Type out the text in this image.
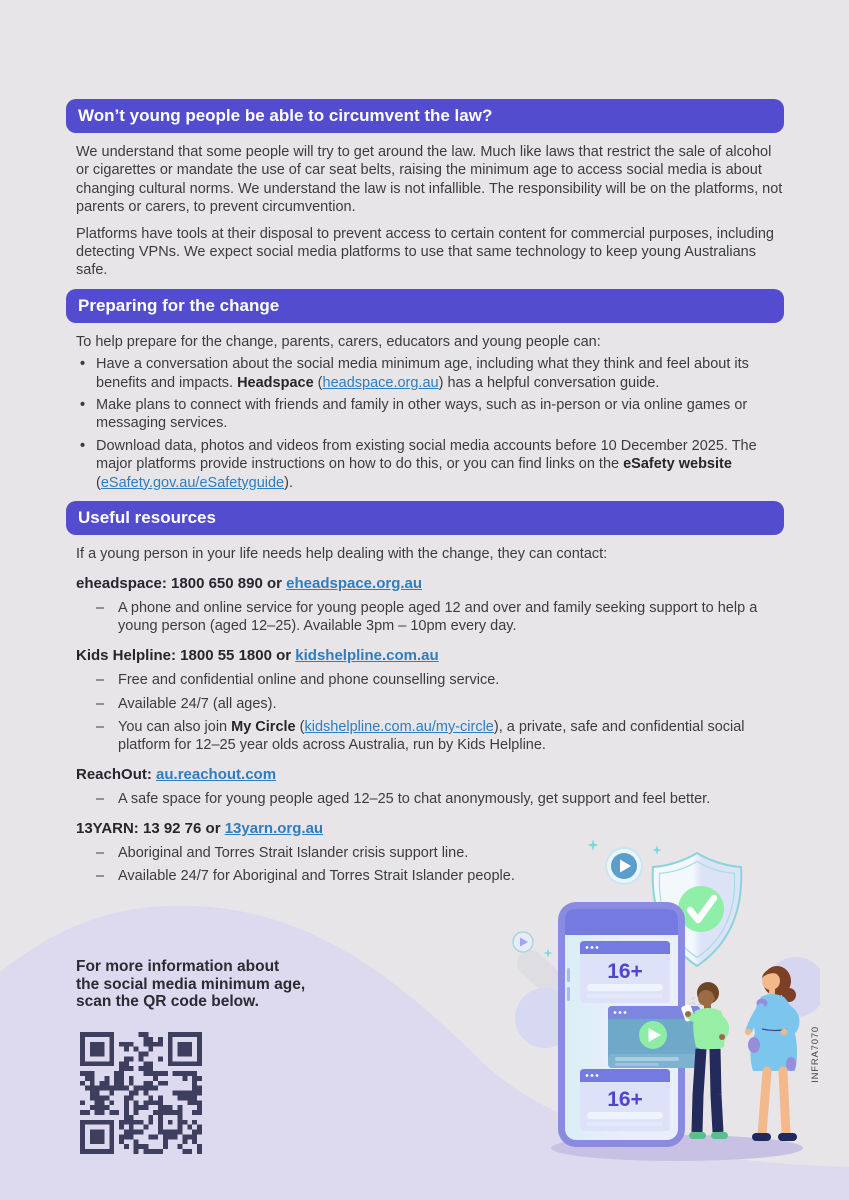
Won’t young people be able to circumvent the law?

We understand that some people will try to get around the law. Much like laws that restrict the sale of alcohol or cigarettes or mandate the use of car seat belts, raising the minimum age to access social media is about changing cultural norms. We understand the law is not infallible. The responsibility will be on the platforms, not parents or carers, to prevent circumvention.

Platforms have tools at their disposal to prevent access to certain content for commercial purposes, including detecting VPNs. We expect social media platforms to use that same technology to keep young Australians safe.

Preparing for the change

To help prepare for the change, parents, carers, educators and young people can:

• Have a conversation about the social media minimum age, including what they think and feel about its benefits and impacts. Headspace (headspace.org.au) has a helpful conversation guide.
• Make plans to connect with friends and family in other ways, such as in-person or via online games or messaging services.
• Download data, photos and videos from existing social media accounts before 10 December 2025. The major platforms provide instructions on how to do this, or you can find links on the eSafety website (eSafety.gov.au/eSafetyguide).
Useful resources

If a young person in your life needs help dealing with the change, they can contact:

eheadspace: 1800 650 890 or eheadspace.org.au
– A phone and online service for young people aged 12 and over and family seeking support to help a young person (aged 12–25). Available 3pm – 10pm every day.
Kids Helpline: 1800 55 1800 or kidshelpline.com.au
– Free and confidential online and phone counselling service.
– Available 24/7 (all ages).
– You can also join My Circle (kidshelpline.com.au/my-circle), a private, safe and confidential social platform for 12–25 year olds across Australia, run by Kids Helpline.
ReachOut: au.reachout.com
– A safe space for young people aged 12–25 to chat anonymously, get support and feel better.
13YARN: 13 92 76 or 13yarn.org.au
– Aboriginal and Torres Strait Islander crisis support line.
– Available 24/7 for Aboriginal and Torres Strait Islander people.
For more information about
the social media minimum age,
scan the QR code below.
16+
16+
INFRA7070
